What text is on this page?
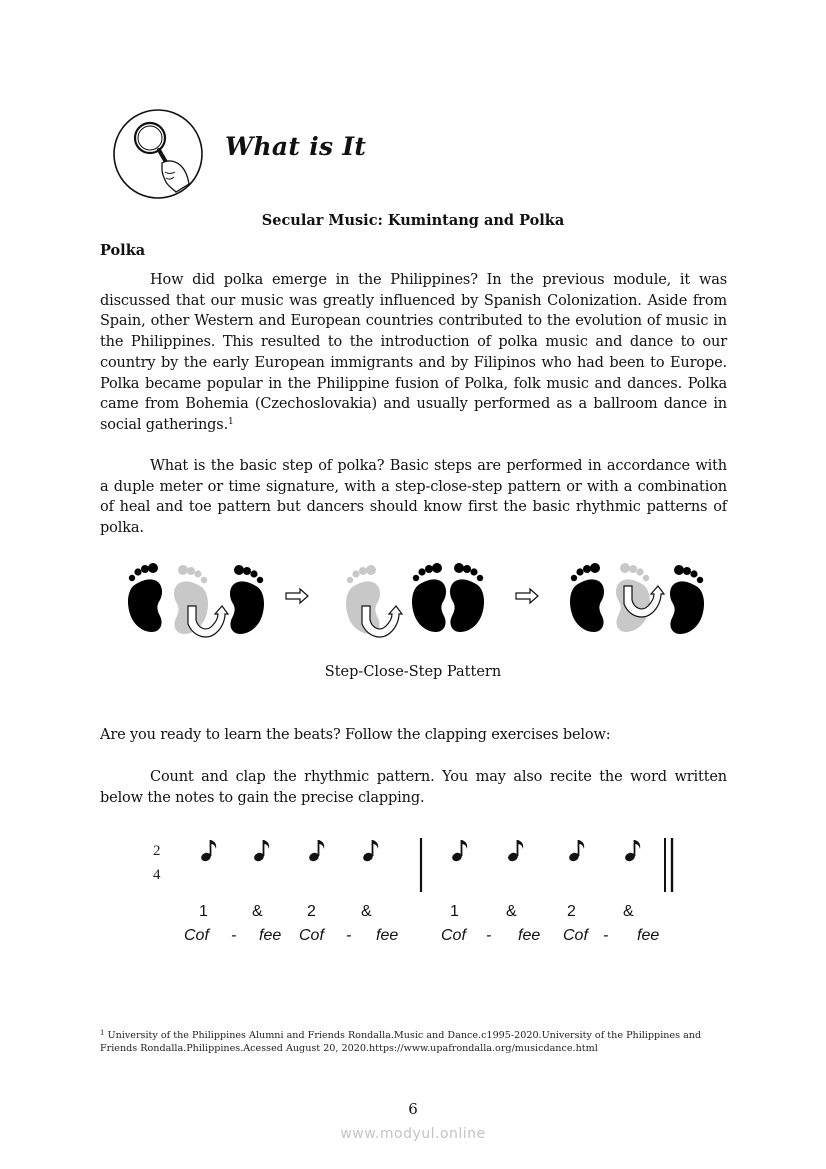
What is It
Secular Music: Kumintang and Polka
Polka
How did polka emerge in the Philippines? In the previous module, it was discussed that our music was greatly influenced by Spanish Colonization. Aside from Spain, other Western and European countries contributed to the evolution of music in the Philippines. This resulted to the introduction of polka music and dance to our country by the early European immigrants and by Filipinos who had been to Europe. Polka became popular in the Philippine fusion of Polka, folk music and dances. Polka came from Bohemia (Czechoslovakia) and usually performed as a ballroom dance in social gatherings.$^1$
What is the basic step of polka? Basic steps are performed in accordance with a duple meter or time signature, with a step-close-step pattern or with a combination of heal and toe pattern but dancers should know first the basic rhythmic patterns of polka.
Step-Close-Step Pattern
Are you ready to learn the beats? Follow the clapping exercises below:
Count and clap the rhythmic pattern. You may also recite the word written below the notes to gain the precise clapping.
2
4
1	&	2	&
Cof - fee Cof - fee
1	&	2	&
Cof - fee Cof - fee
$^1$ University of the Philippines Alumni and Friends Rondalla.Music and Dance.c1995-2020.University of the Philippines and Friends Rondalla.Philippines.Acessed August 20, 2020.https://www.upafrondalla.org/musicdance.html
6
www.modyul.online
